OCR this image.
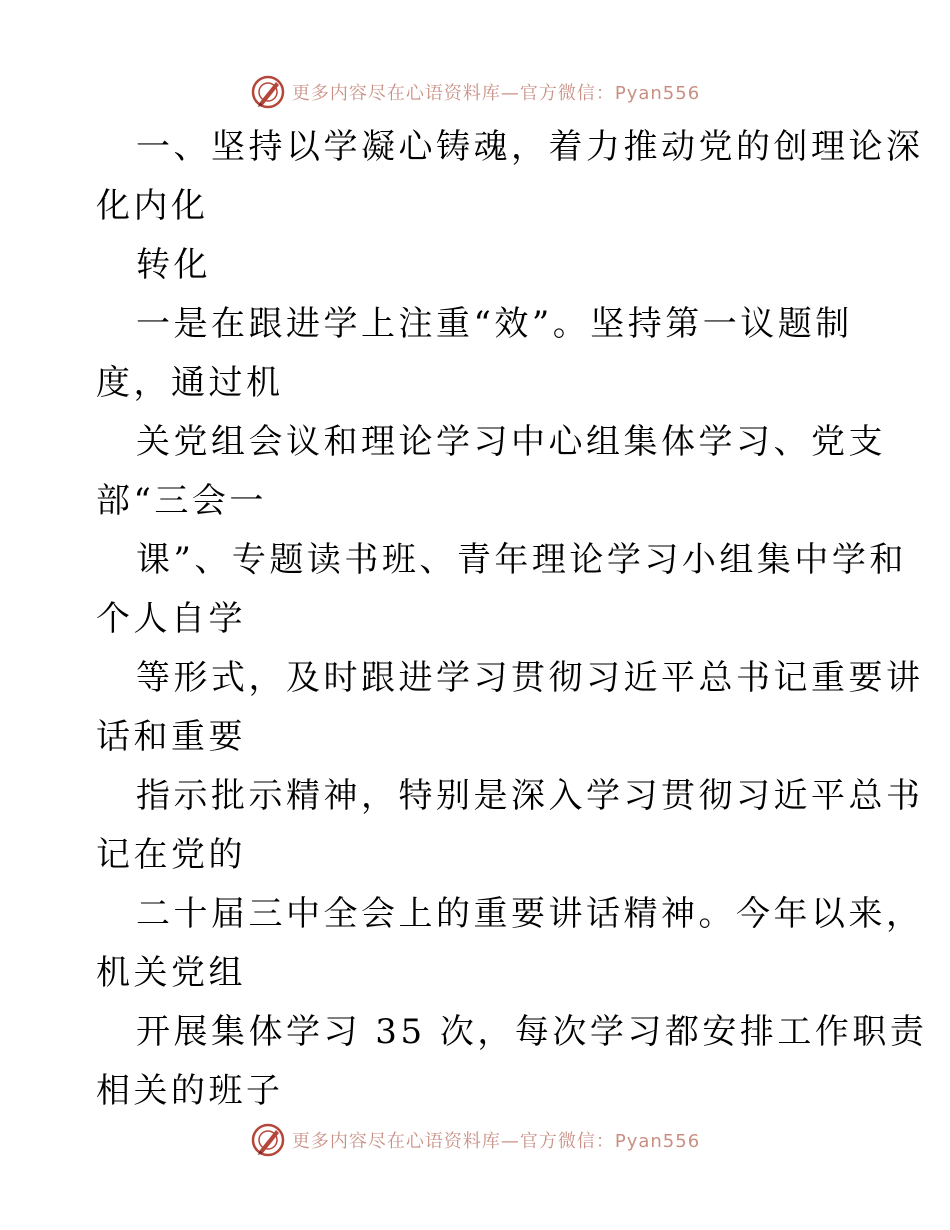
更多内容尽在心语资料库—官方微信：Pyan556
一、坚持以学凝心铸魂，着力推动党的创理论深
化内化
转化
一是在跟进学上注重“效”。坚持第一议题制
度，通过机
关党组会议和理论学习中心组集体学习、党支
部“三会一
课”、专题读书班、青年理论学习小组集中学和
个人自学
等形式，及时跟进学习贯彻习近平总书记重要讲
话和重要
指示批示精神，特别是深入学习贯彻习近平总书
记在党的
二十届三中全会上的重要讲话精神。今年以来，
机关党组
开展集体学习 35 次，每次学习都安排工作职责
相关的班子
更多内容尽在心语资料库—官方微信：Pyan556
